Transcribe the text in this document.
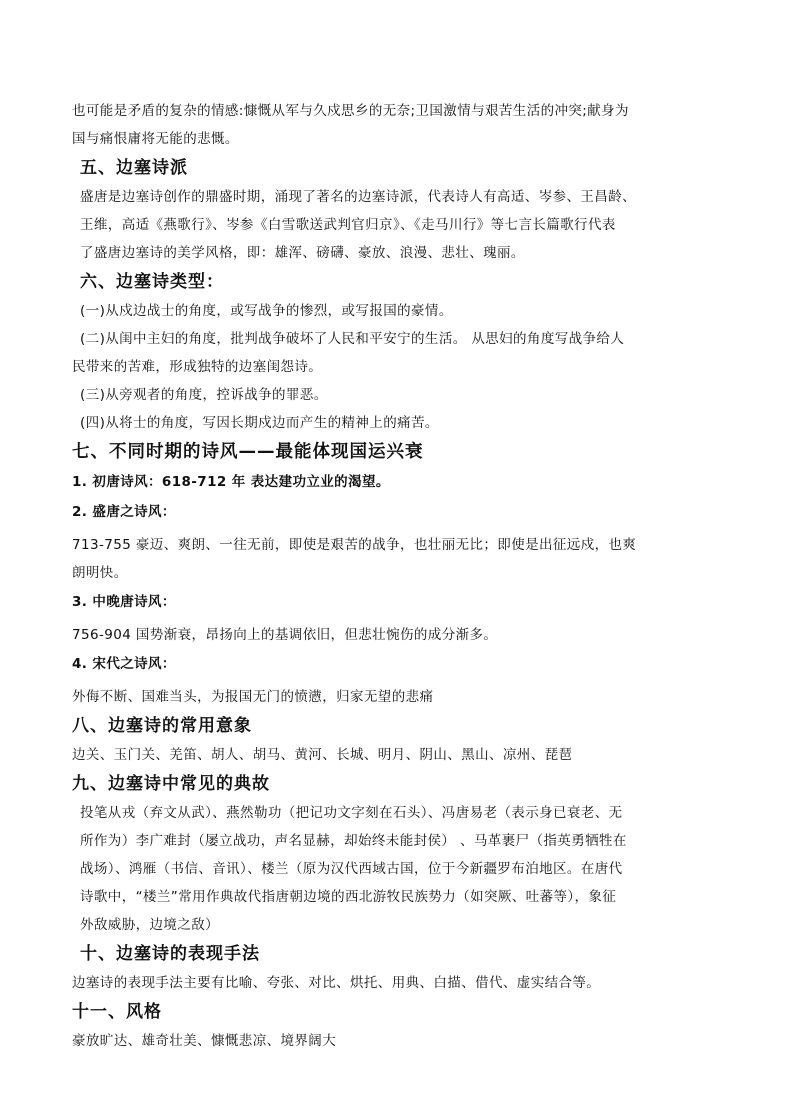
也可能是矛盾的复杂的情感:慷慨从军与久戍思乡的无奈;卫国激情与艰苦生活的冲突;献身为

国与痛恨庸将无能的悲慨。

五、边塞诗派

盛唐是边塞诗创作的鼎盛时期，涌现了著名的边塞诗派，代表诗人有高适、岑参、王昌龄、

王维，高适《燕歌行》、岑参《白雪歌送武判官归京》、《走马川行》等七言长篇歌行代表

了盛唐边塞诗的美学风格，即：雄浑、磅礴、豪放、浪漫、悲壮、瑰丽。

六、边塞诗类型：

(一)从戍边战士的角度，或写战争的惨烈，或写报国的豪情。

(二)从闺中主妇的角度，批判战争破坏了人民和平安宁的生活。 从思妇的角度写战争给人

民带来的苦难，形成独特的边塞闺怨诗。

(三)从旁观者的角度，控诉战争的罪恶。

(四)从将士的角度，写因长期戍边而产生的精神上的痛苦。

七、不同时期的诗风——最能体现国运兴衰

1. 初唐诗风：618-712 年 表达建功立业的渴望。

2. 盛唐之诗风：

713-755 豪迈、爽朗、一往无前，即使是艰苦的战争，也壮丽无比；即使是出征远戍，也爽

朗明快。

3. 中晚唐诗风：

756-904 国势渐衰，昂扬向上的基调依旧，但悲壮惋伤的成分渐多。

4. 宋代之诗风：

外侮不断、国难当头，为报国无门的愤懑，归家无望的悲痛

八、边塞诗的常用意象

边关、玉门关、羌笛、胡人、胡马、黄河、长城、明月、阴山、黑山、凉州、琵琶

九、边塞诗中常见的典故

投笔从戎（弃文从武）、燕然勒功（把记功文字刻在石头）、冯唐易老（表示身已衰老、无

所作为）李广难封（屡立战功，声名显赫，却始终未能封侯） 、马革裹尸（指英勇牺牲在

战场）、鸿雁（书信、音讯）、楼兰（原为汉代西域古国，位于今新疆罗布泊地区。在唐代

诗歌中，“楼兰”常用作典故代指唐朝边境的西北游牧民族势力（如突厥、吐蕃等），象征

外敌威胁，边境之敌）

十、边塞诗的表现手法

边塞诗的表现手法主要有比喻、夸张、对比、烘托、用典、白描、借代、虚实结合等。

十一、风格

豪放旷达、雄奇壮美、慷慨悲凉、境界阔大
